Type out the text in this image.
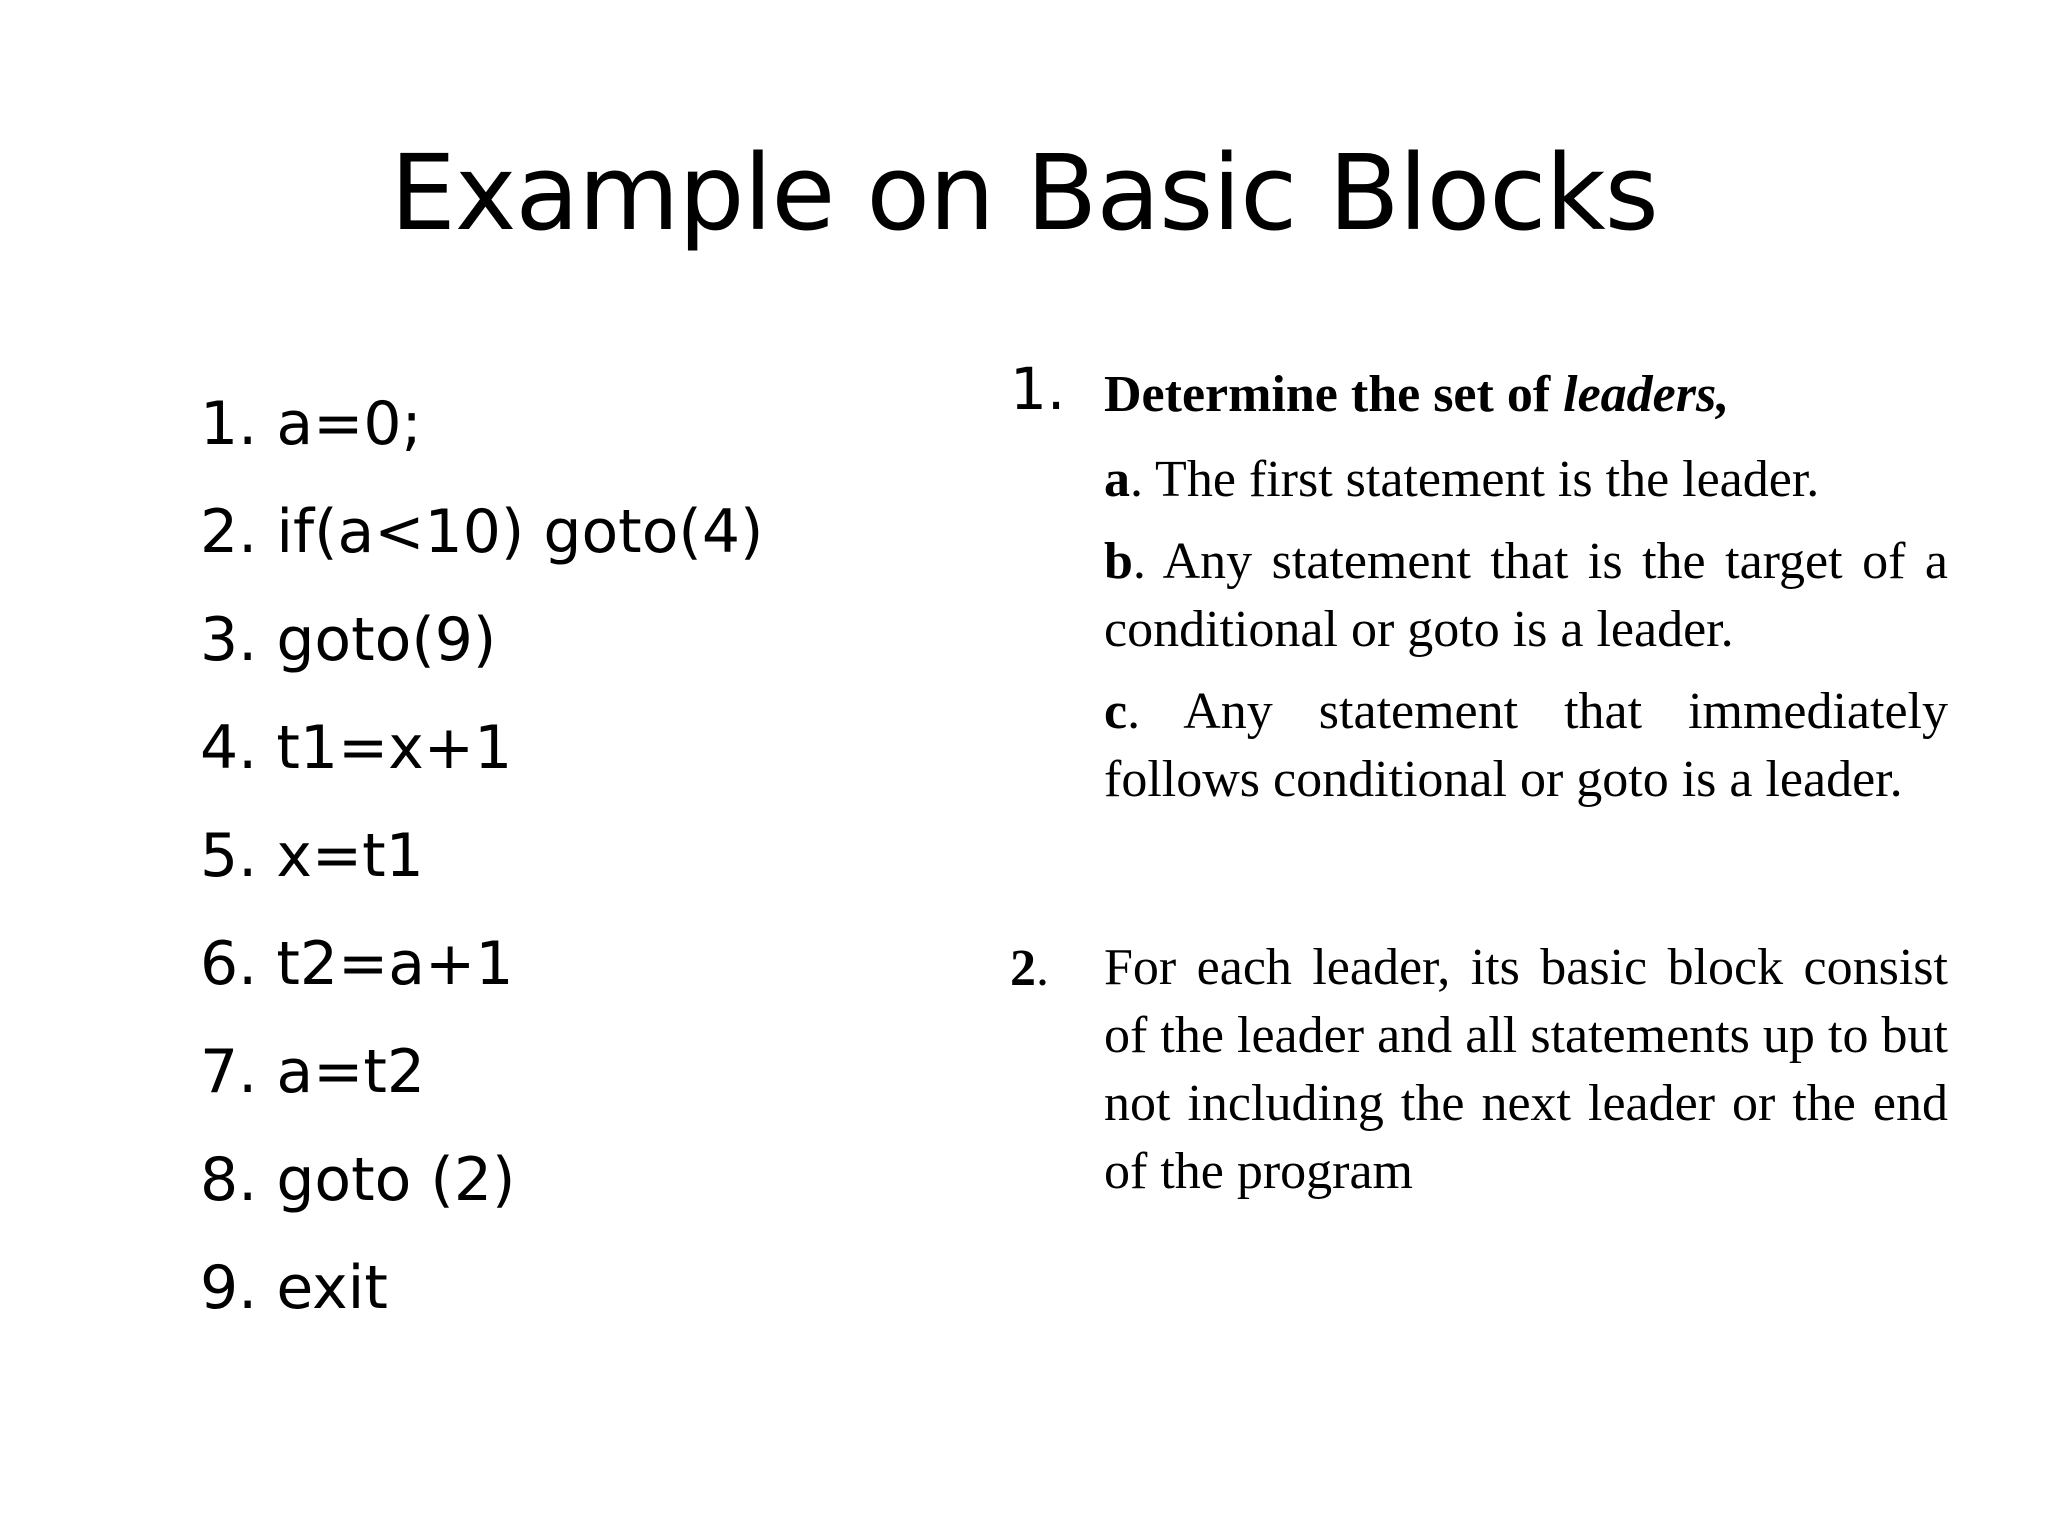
Example on Basic Blocks
1. a=0;
2. if(a<10) goto(4)
3. goto(9)
4. t1=x+1
5. x=t1
6. t2=a+1
7. a=t2
8. goto (2)
9. exit
1. Determine the set of leaders,
a. The first statement is the leader.
b. Any statement that is the target of a conditional or goto is a leader.
c. Any statement that immediately follows conditional or goto is a leader.
2. For each leader, its basic block consist of the leader and all statements up to but not including the next leader or the end of the program
